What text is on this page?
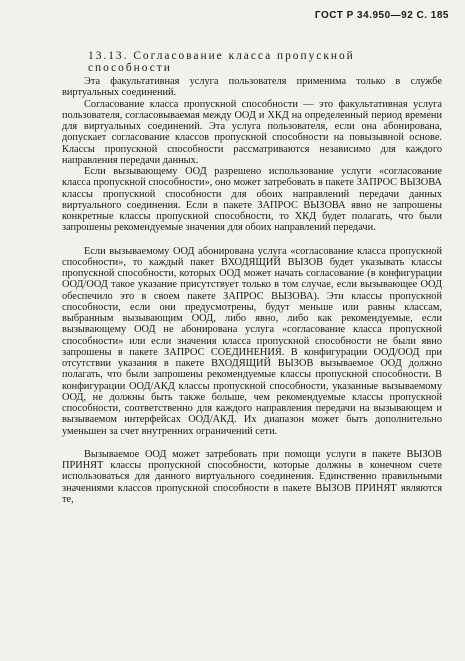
ГОСТ Р 34.950—92 С. 185
13.13. Согласование класса пропускной способности

Эта факультативная услуга пользователя применима только в службе виртуальных соединений.

Согласование класса пропускной способности — это факультативная услуга пользователя, согласовываемая между ООД и ХКД на определенный период времени для виртуальных соединений. Эта услуга пользователя, если она абонирована, допускает согласование классов пропускной способности на повызывной основе. Классы пропускной способности рассматриваются независимо для каждого направления передачи данных.

Если вызывающему ООД разрешено использование услуги «согласование класса пропускной способности», оно может затребовать в пакете ЗАПРОС ВЫЗОВА классы пропускной способности для обоих направлений передачи данных виртуального соединения. Если в пакете ЗАПРОС ВЫЗОВА явно не запрошены конкретные классы пропускной способности, то ХКД будет полагать, что были запрошены рекомендуемые значения для обоих направлений передачи.

Если вызываемому ООД абонирована услуга «согласование класса пропускной способности», то каждый пакет ВХОДЯЩИЙ ВЫЗОВ будет указывать классы пропускной способности, которых ООД может начать согласование (в конфигурации ООД/ООД такое указание присутствует только в том случае, если вызывающее ООД обеспечило это в своем пакете ЗАПРОС ВЫЗОВА). Эти классы пропускной способности, если они предусмотрены, будут меньше или равны классам, выбранным вызывающим ООД, либо явно, либо как рекомендуемые, если вызывающему ООД не абонирована услуга «согласование класса пропускной способности» или если значения класса пропускной способности не были явно запрошены в пакете ЗАПРОС СОЕДИНЕНИЯ. В конфигурации ООД/ООД при отсутствии указания в пакете ВХОДЯЩИЙ ВЫЗОВ вызываемое ООД должно полагать, что были запрошены рекомендуемые классы пропускной способности. В конфигурации ООД/АКД классы пропускной способности, указанные вызываемому ООД, не должны быть также больше, чем рекомендуемые классы пропускной способности, соответственно для каждого направления передачи на вызывающем и вызываемом интерфейсах ООД/АКД. Их диапазон может быть дополнительно уменьшен за счет внутренних ограничений сети.

Вызываемое ООД может затребовать при помощи услуги в пакете ВЫЗОВ ПРИНЯТ классы пропускной способности, которые должны в конечном счете использоваться для данного виртуального соединения. Единственно правильными значениями классов пропускной способности в пакете ВЫЗОВ ПРИНЯТ являются те,
